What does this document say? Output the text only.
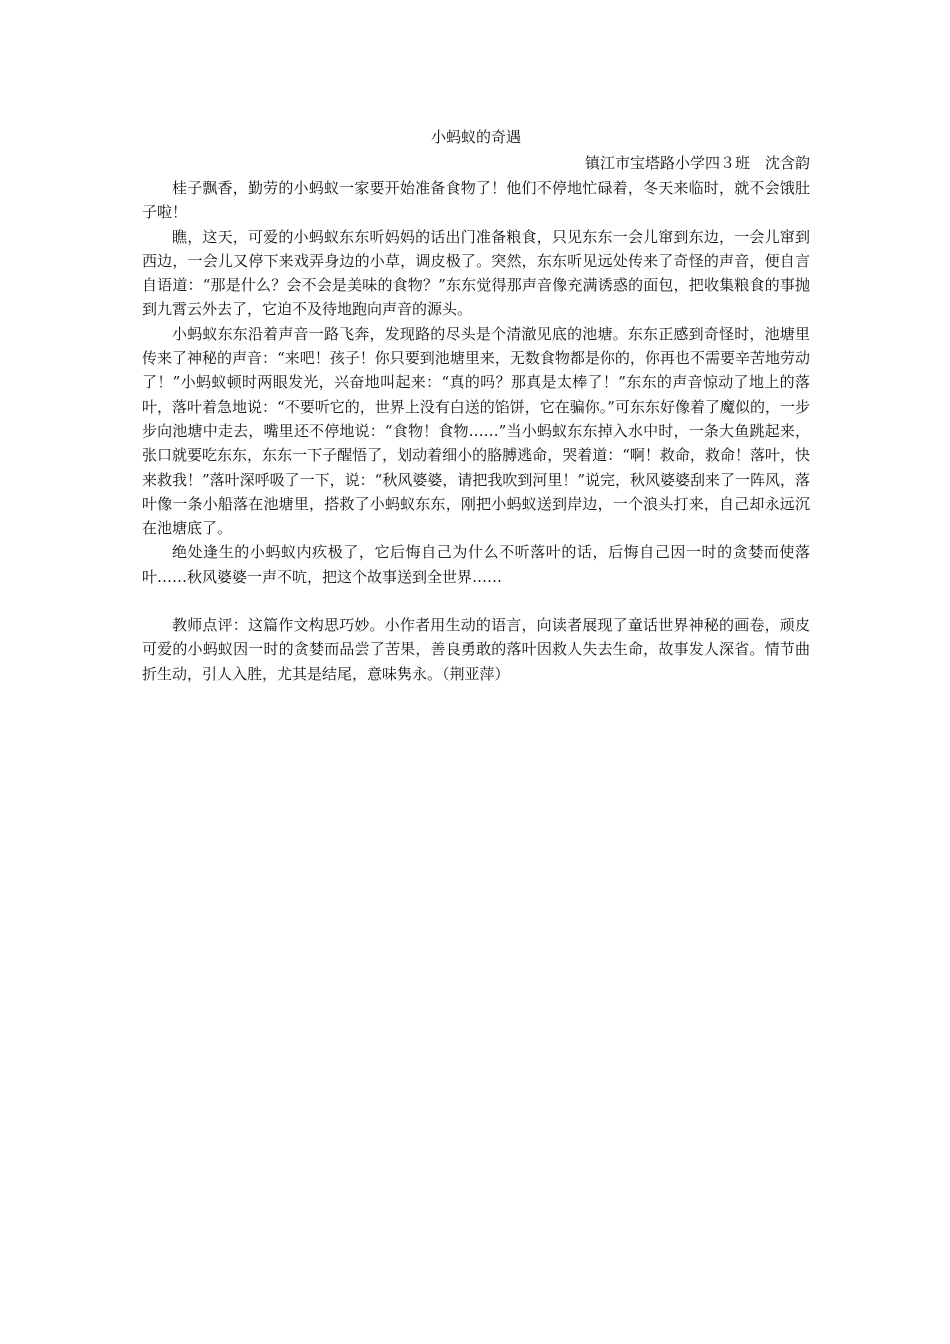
小蚂蚁的奇遇

镇江市宝塔路小学四３班　沈含韵

桂子飘香，勤劳的小蚂蚁一家要开始准备食物了！他们不停地忙碌着，冬天来临时，就不会饿肚子啦！

瞧，这天，可爱的小蚂蚁东东听妈妈的话出门准备粮食，只见东东一会儿窜到东边，一会儿窜到西边，一会儿又停下来戏弄身边的小草，调皮极了。突然，东东听见远处传来了奇怪的声音，便自言自语道：“那是什么？会不会是美味的食物？”东东觉得那声音像充满诱惑的面包，把收集粮食的事抛到九霄云外去了，它迫不及待地跑向声音的源头。

小蚂蚁东东沿着声音一路飞奔，发现路的尽头是个清澈见底的池塘。东东正感到奇怪时，池塘里传来了神秘的声音：“来吧！孩子！你只要到池塘里来，无数食物都是你的，你再也不需要辛苦地劳动了！”小蚂蚁顿时两眼发光，兴奋地叫起来：“真的吗？那真是太棒了！”东东的声音惊动了地上的落叶，落叶着急地说：“不要听它的，世界上没有白送的馅饼，它在骗你。”可东东好像着了魔似的，一步步向池塘中走去，嘴里还不停地说：“食物！食物……”当小蚂蚁东东掉入水中时，一条大鱼跳起来，张口就要吃东东，东东一下子醒悟了，划动着细小的胳膊逃命，哭着道：“啊！救命，救命！落叶，快来救我！”落叶深呼吸了一下，说：“秋风婆婆，请把我吹到河里！”说完，秋风婆婆刮来了一阵风，落叶像一条小船落在池塘里，搭救了小蚂蚁东东，刚把小蚂蚁送到岸边，一个浪头打来，自己却永远沉在池塘底了。

绝处逢生的小蚂蚁内疚极了，它后悔自己为什么不听落叶的话，后悔自己因一时的贪婪而使落叶……秋风婆婆一声不吭，把这个故事送到全世界……

教师点评：这篇作文构思巧妙。小作者用生动的语言，向读者展现了童话世界神秘的画卷，顽皮可爱的小蚂蚁因一时的贪婪而品尝了苦果，善良勇敢的落叶因救人失去生命，故事发人深省。情节曲折生动，引人入胜，尤其是结尾，意味隽永。（荆亚萍）
